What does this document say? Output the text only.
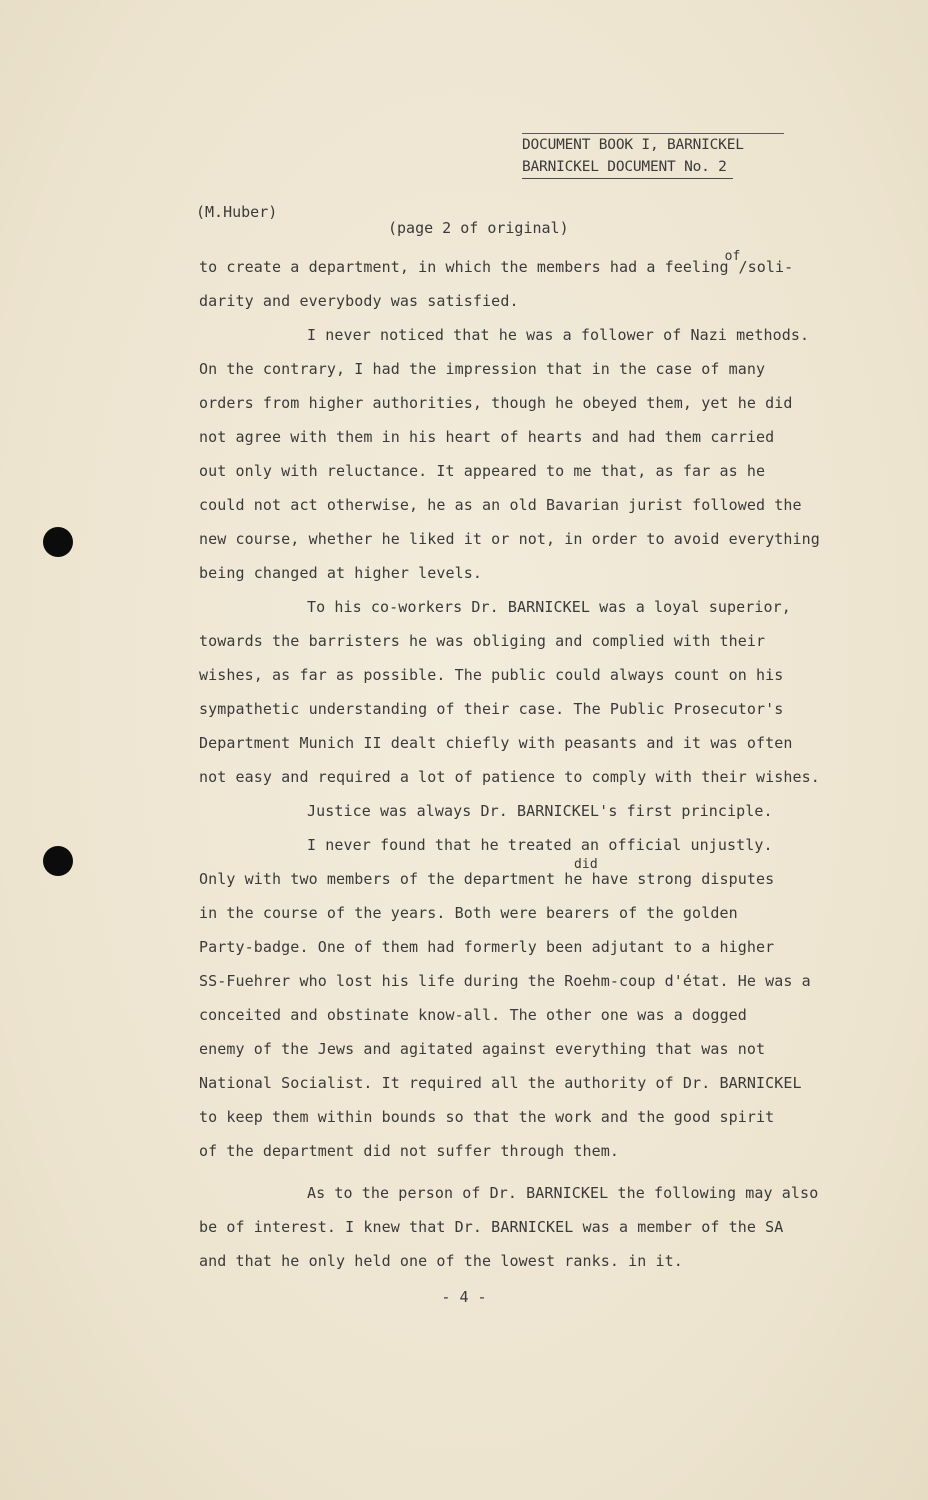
DOCUMENT BOOK I, BARNICKEL
BARNICKEL DOCUMENT No. 2
(M.Huber)
(page 2 of original)
to create a department, in which the members had a feelingof/soli-
darity and everybody was satisfied.
I never noticed that he was a follower of Nazi methods.
On the contrary, I had the impression that in the case of many
orders from higher authorities, though he obeyed them, yet he did
not agree with them in his heart of hearts and had them carried
out only with reluctance. It appeared to me that, as far as he
could not act otherwise, he as an old Bavarian jurist followed the
new course, whether he liked it or not, in order to avoid everything
being changed at higher levels.
To his co-workers Dr. BARNICKEL was a loyal superior,
towards the barristers he was obliging and complied with their
wishes, as far as possible. The public could always count on his
sympathetic understanding of their case. The Public Prosecutor's
Department Munich II dealt chiefly with peasants and it was often
not easy and required a lot of patience to comply with their wishes.
Justice was always Dr. BARNICKEL's first principle.
I never found that he treated an official unjustly.
did
Only with two members of the department he have strong disputes
in the course of the years. Both were bearers of the golden
Party-badge. One of them had formerly been adjutant to a higher
SS-Fuehrer who lost his life during the Roehm-coup d'état. He was a
conceited and obstinate know-all. The other one was a dogged
enemy of the Jews and agitated against everything that was not
National Socialist. It required all the authority of Dr. BARNICKEL
to keep them within bounds so that the work and the good spirit
of the department did not suffer through them.
As to the person of Dr. BARNICKEL the following may also
be of interest. I knew that Dr. BARNICKEL was a member of the SA
and that he only held one of the lowest ranks. in it.
- 4 -
